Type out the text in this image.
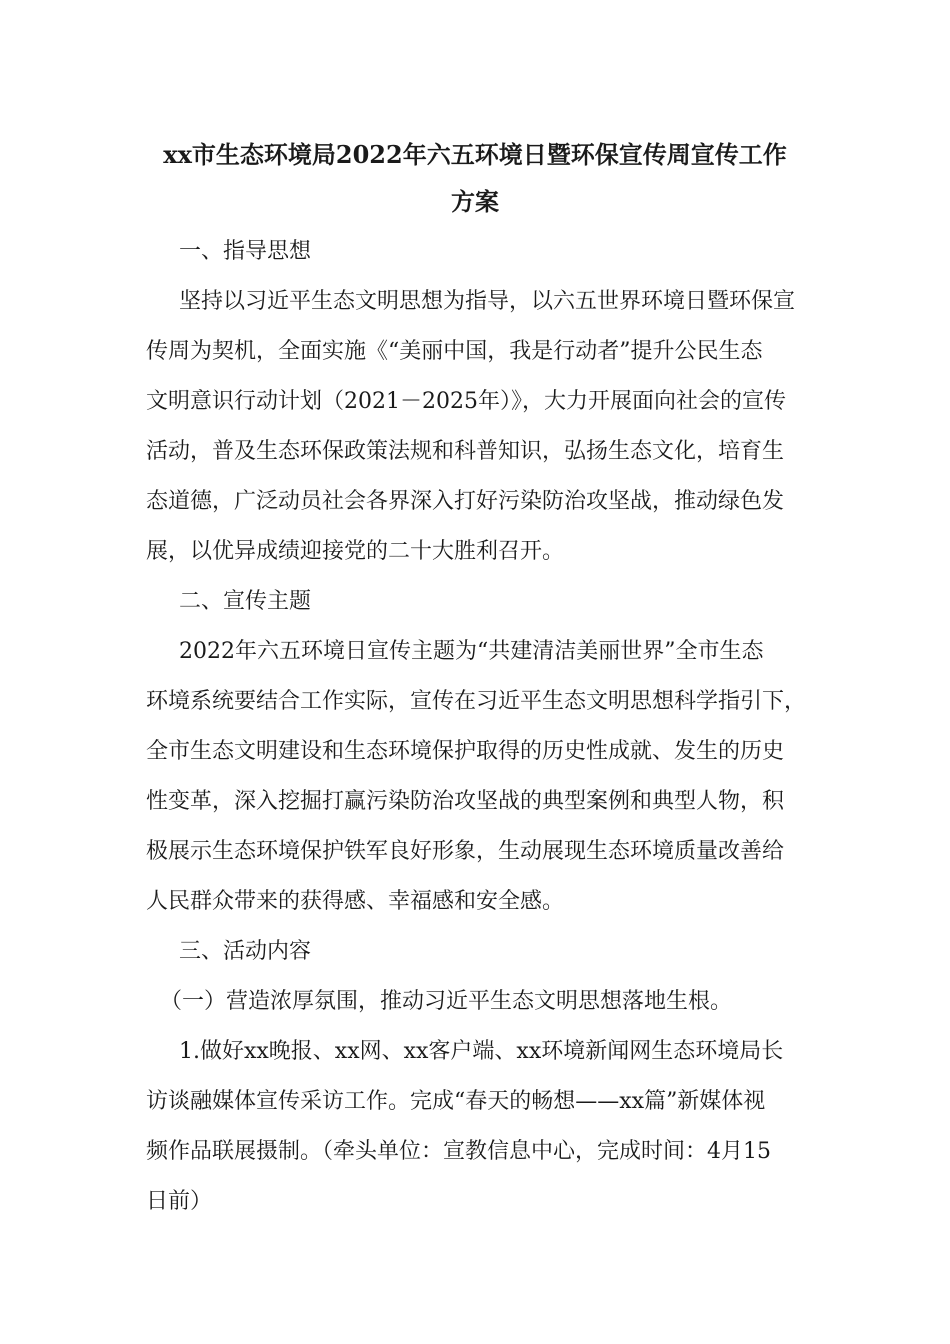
xx市生态环境局2022年六五环境日暨环保宣传周宣传工作
方案
一、指导思想
坚持以习近平生态文明思想为指导，以六五世界环境日暨环保宣
传周为契机，全面实施《“美丽中国，我是行动者”提升公民生态
文明意识行动计划（2021－2025年）》，大力开展面向社会的宣传
活动，普及生态环保政策法规和科普知识，弘扬生态文化，培育生
态道德，广泛动员社会各界深入打好污染防治攻坚战，推动绿色发
展，以优异成绩迎接党的二十大胜利召开。
二、宣传主题
2022年六五环境日宣传主题为“共建清洁美丽世界”全市生态
环境系统要结合工作实际，宣传在习近平生态文明思想科学指引下，
全市生态文明建设和生态环境保护取得的历史性成就、发生的历史
性变革，深入挖掘打赢污染防治攻坚战的典型案例和典型人物，积
极展示生态环境保护铁军良好形象，生动展现生态环境质量改善给
人民群众带来的获得感、幸福感和安全感。
三、活动内容
（一）营造浓厚氛围，推动习近平生态文明思想落地生根。
1.做好xx晚报、xx网、xx客户端、xx环境新闻网生态环境局长
访谈融媒体宣传采访工作。完成“春天的畅想——xx篇”新媒体视
频作品联展摄制。（牵头单位：宣教信息中心，完成时间：4月15
日前）
